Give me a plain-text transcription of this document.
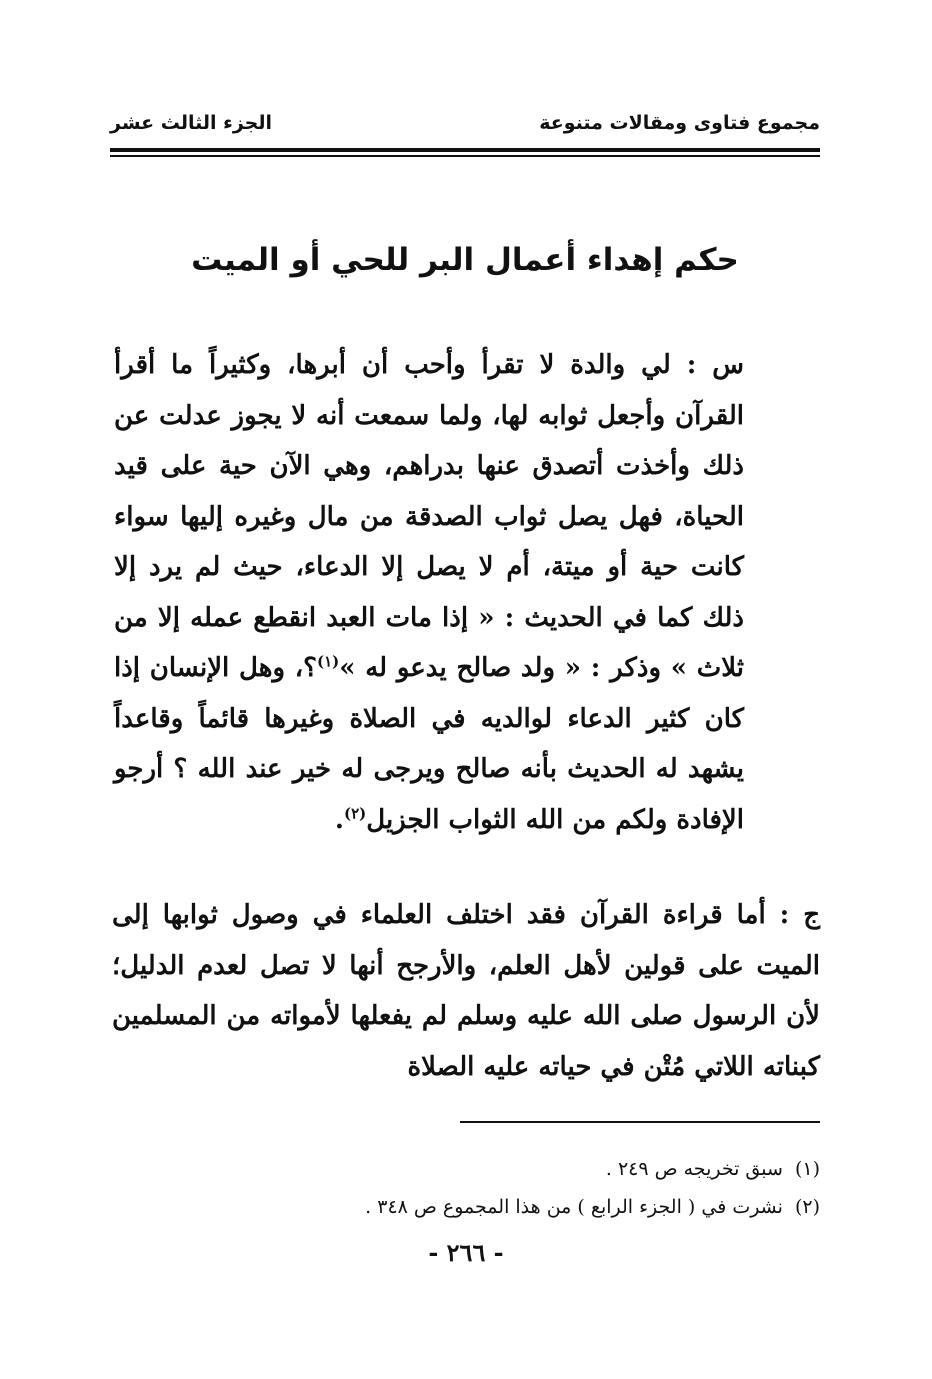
مجموع فتاوى ومقالات متنوعة
الجزء الثالث عشر
حكم إهداء أعمال البر للحي أو الميت
س : لي والدة لا تقرأ وأحب أن أبرها، وكثيراً ما أقرأ القرآن وأجعل ثوابه لها، ولما سمعت أنه لا يجوز عدلت عن ذلك وأخذت أتصدق عنها بدراهم، وهي الآن حية على قيد الحياة، فهل يصل ثواب الصدقة من مال وغيره إليها سواء كانت حية أو ميتة، أم لا يصل إلا الدعاء، حيث لم يرد إلا ذلك كما في الحديث : « إذا مات العبد انقطع عمله إلا من ثلاث » وذكر : « ولد صالح يدعو له »$^{(١)}$؟، وهل الإنسان إذا كان كثير الدعاء لوالديه في الصلاة وغيرها قائماً وقاعداً يشهد له الحديث بأنه صالح ويرجى له خير عند الله ؟ أرجو الإفادة ولكم من الله الثواب الجزيل$^{(٢)}$.
ج : أما قراءة القرآن فقد اختلف العلماء في وصول ثوابها إلى الميت على قولين لأهل العلم، والأرجح أنها لا تصل لعدم الدليل؛ لأن الرسول صلى الله عليه وسلم لم يفعلها لأمواته من المسلمين كبناته اللاتي مُتْن في حياته عليه الصلاة
(١)سبق تخريجه ص ٢٤٩ .
(٢)نشرت في ( الجزء الرابع ) من هذا المجموع ص ٣٤٨ .
- ٢٦٦ -
